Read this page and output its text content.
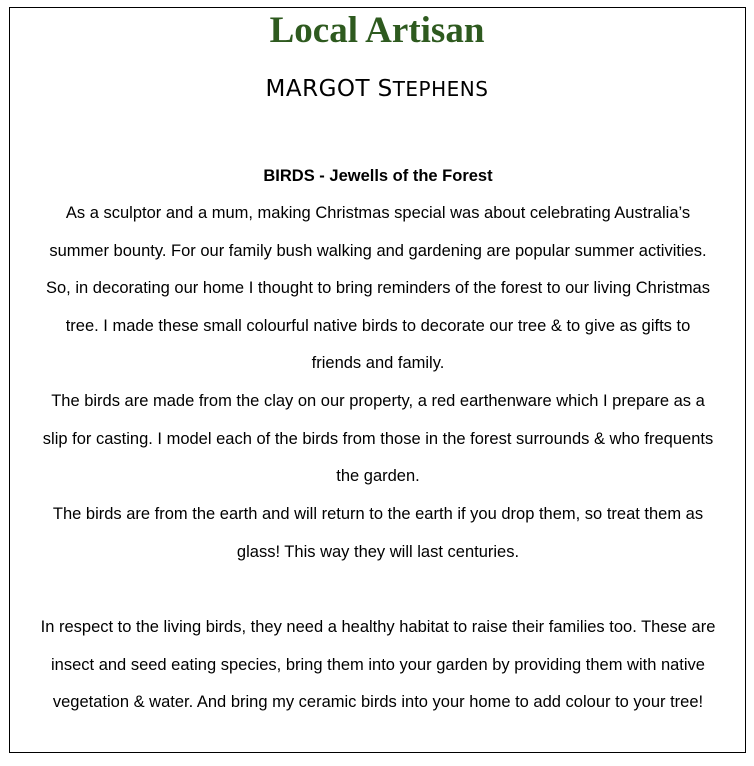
Local Artisan
MARGOT STEPHENS
BIRDS - Jewells of the Forest
As a sculptor and a mum, making Christmas special was about celebrating Australia’s summer bounty. For our family bush walking and gardening are popular summer activities. So, in decorating our home I thought to bring reminders of the forest to our living Christmas tree. I made these small colourful native birds to decorate our tree & to give as gifts to friends and family.
The birds are made from the clay on our property, a red earthenware which I prepare as a slip for casting. I model each of the birds from those in the forest surrounds & who frequents the garden.
The birds are from the earth and will return to the earth if you drop them, so treat them as glass! This way they will last centuries.
In respect to the living birds, they need a healthy habitat to raise their families too. These are insect and seed eating species, bring them into your garden by providing them with native vegetation & water. And bring my ceramic birds into your home to add colour to your tree!
